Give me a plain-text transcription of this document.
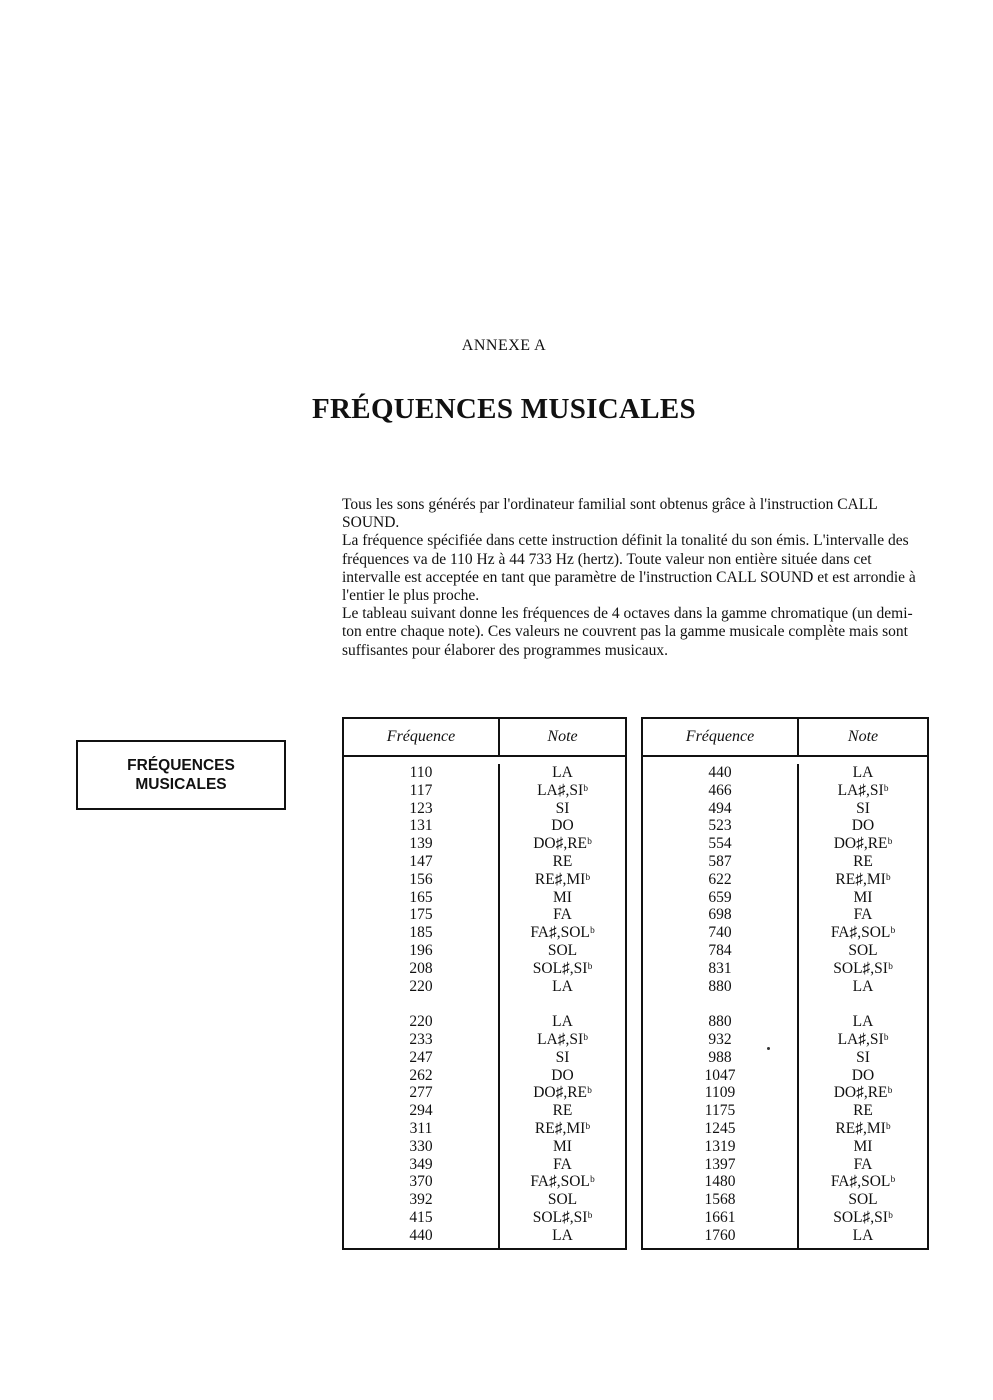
ANNEXE A
FRÉQUENCES MUSICALES

Tous les sons générés par l'ordinateur familial sont obtenus grâce à l'instruction CALL SOUND.

La fréquence spécifiée dans cette instruction définit la tonalité du son émis. L'intervalle des fréquences va de 110 Hz à 44 733 Hz (hertz). Toute valeur non entière située dans cet intervalle est acceptée en tant que paramètre de l'instruction CALL SOUND et est arrondie à l'entier le plus proche.

Le tableau suivant donne les fréquences de 4 octaves dans la gamme chromatique (un demi-ton entre chaque note). Ces valeurs ne couvrent pas la gamme musicale complète mais sont suffisantes pour élaborer des programmes musicaux.

FRÉQUENCES
MUSICALES
Fréquence	Note
110
117
123
131
139
147
156
165
175
185
196
208
220
220
233
247
262
277
294
311
330
349
370
392
415
440
LA
LA♯,SIᵇ
SI
DO
DO♯,REᵇ
RE
RE♯,MIᵇ
MI
FA
FA♯,SOLᵇ
SOL
SOL♯,SIᵇ
LA
LA
LA♯,SIᵇ
SI
DO
DO♯,REᵇ
RE
RE♯,MIᵇ
MI
FA
FA♯,SOLᵇ
SOL
SOL♯,SIᵇ
LA
Fréquence	Note
440
466
494
523
554
587
622
659
698
740
784
831
880
880
932
988
1047
1109
1175
1245
1319
1397
1480
1568
1661
1760
LA
LA♯,SIᵇ
SI
DO
DO♯,REᵇ
RE
RE♯,MIᵇ
MI
FA
FA♯,SOLᵇ
SOL
SOL♯,SIᵇ
LA
LA
LA♯,SIᵇ
SI
DO
DO♯,REᵇ
RE
RE♯,MIᵇ
MI
FA
FA♯,SOLᵇ
SOL
SOL♯,SIᵇ
LA
